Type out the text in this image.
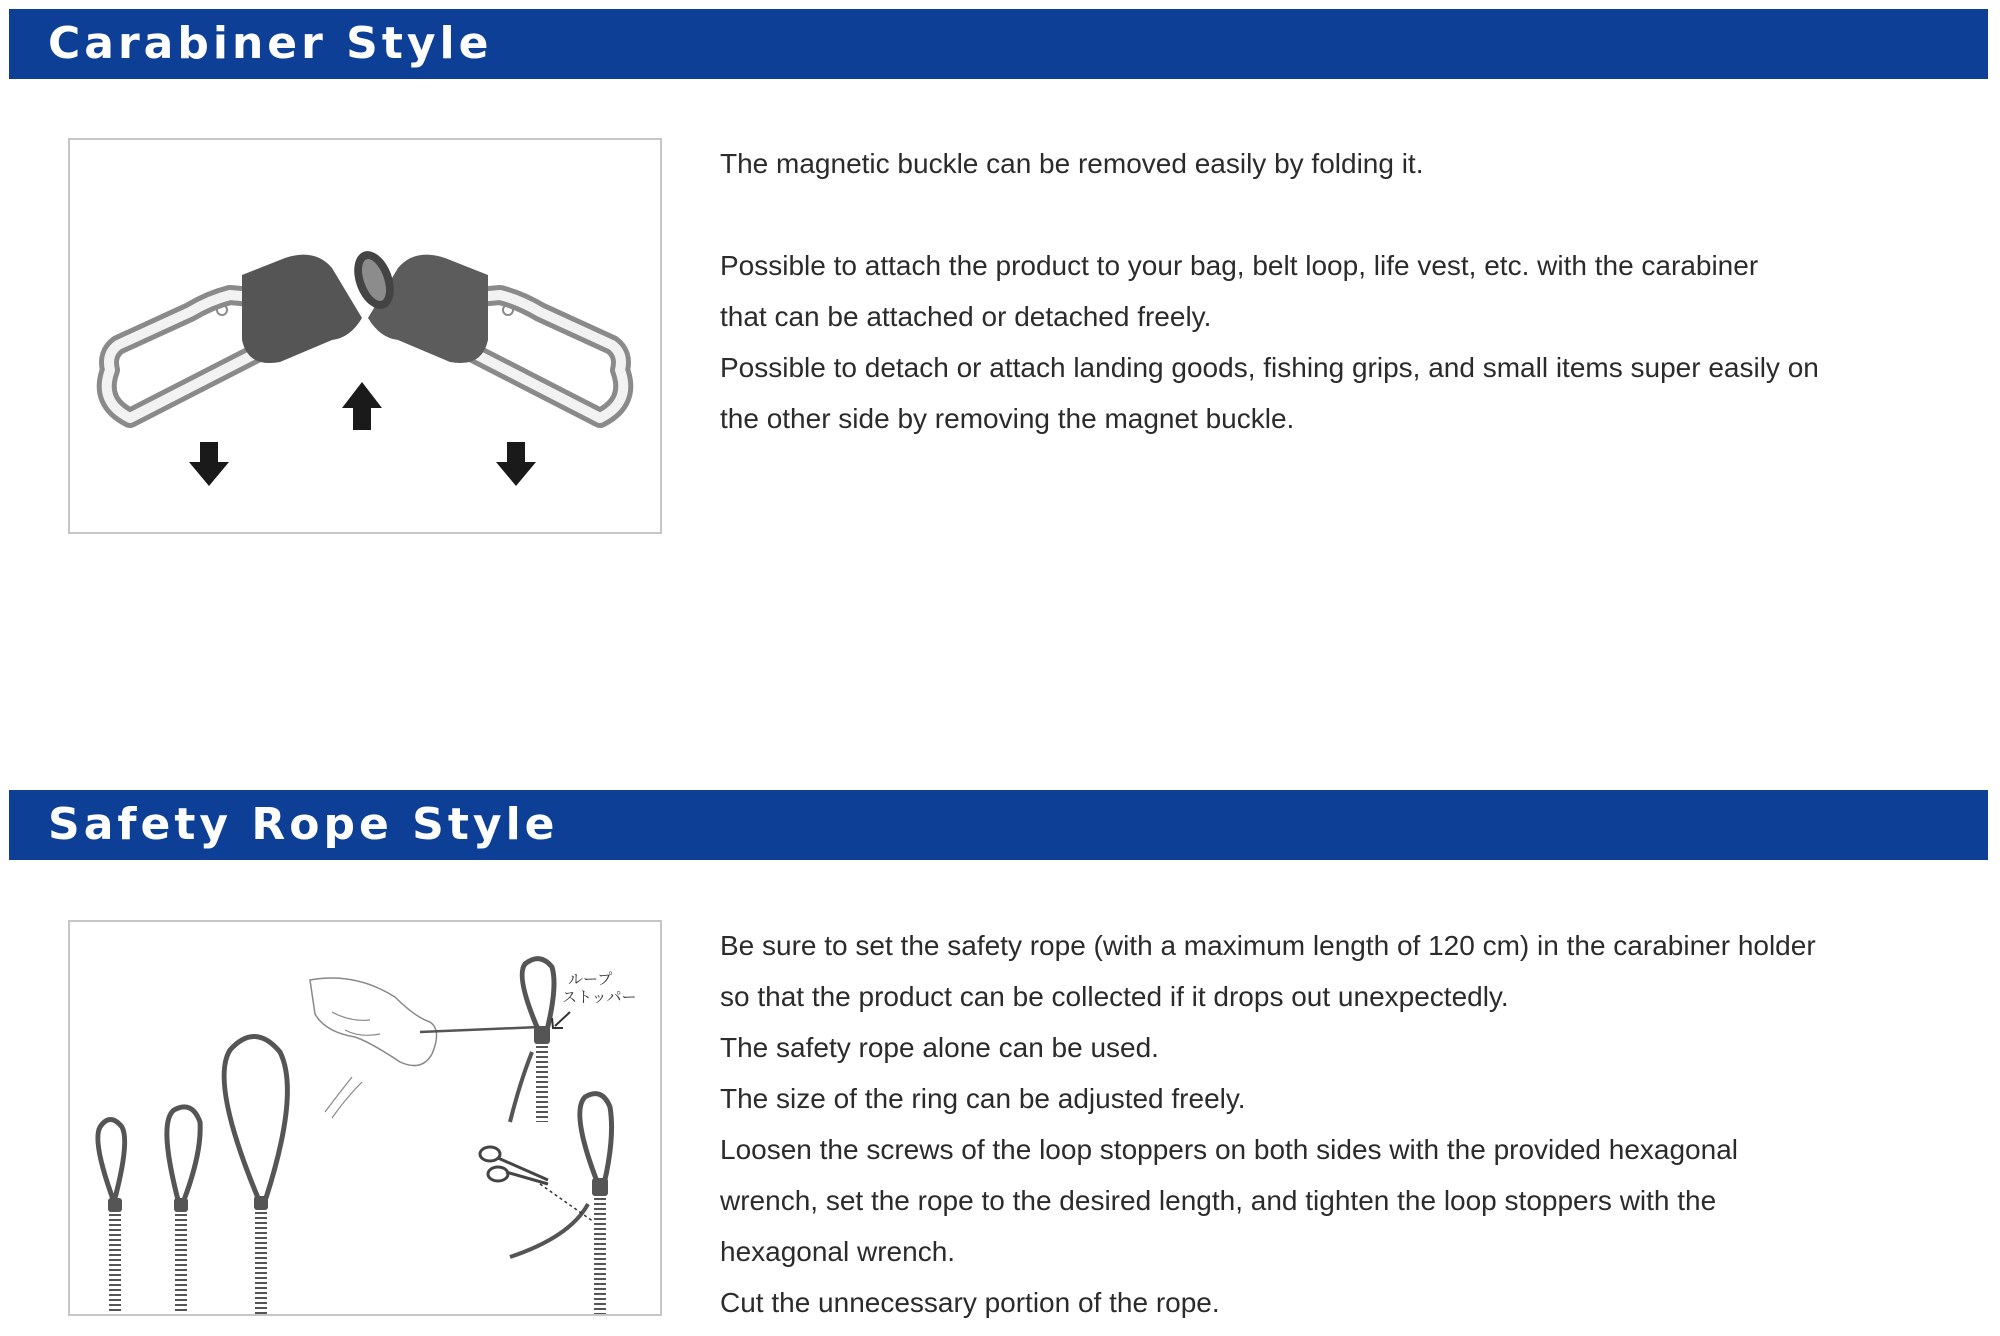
Carabiner Style

The magnetic buckle can be removed easily by folding it.

Possible to attach the product to your bag, belt loop, life vest, etc. with the carabiner

that can be attached or detached freely.

Possible to detach or attach landing goods, fishing grips, and small items super easily on

the other side by removing the magnet buckle.

Safety Rope Style
ループ
ストッパー

Be sure to set the safety rope (with a maximum length of 120 cm) in the carabiner holder

so that the product can be collected if it drops out unexpectedly.

The safety rope alone can be used.

The size of the ring can be adjusted freely.

Loosen the screws of the loop stoppers on both sides with the provided hexagonal

wrench, set the rope to the desired length, and tighten the loop stoppers with the

hexagonal wrench.

Cut the unnecessary portion of the rope.
